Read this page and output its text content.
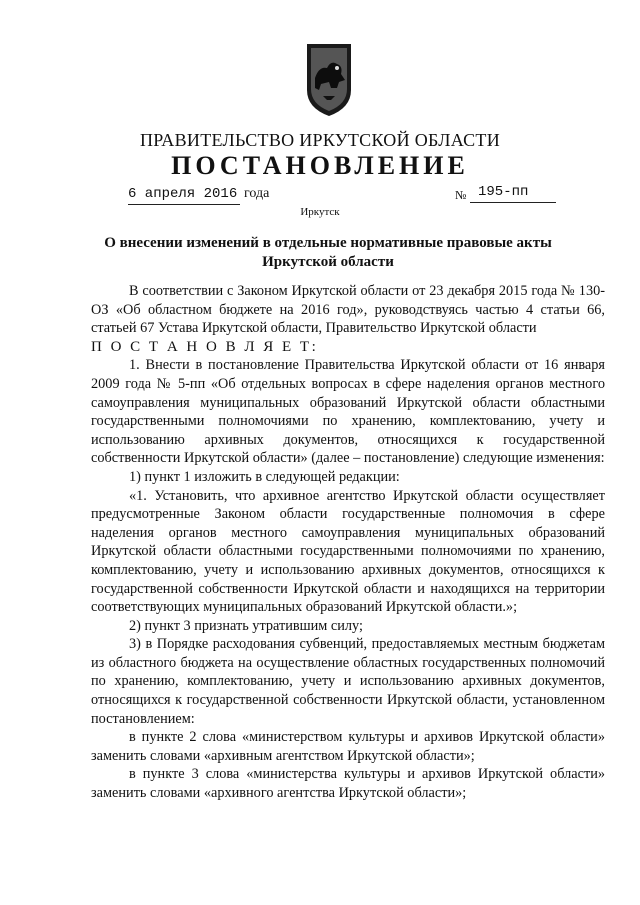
ПРАВИТЕЛЬСТВО ИРКУТСКОЙ ОБЛАСТИ
ПОСТАНОВЛЕНИЕ
6 апреля 2016 года	№ 195-пп
Иркутск
О внесении изменений в отдельные нормативные правовые акты Иркутской области

В соответствии с Законом Иркутской области от 23 декабря 2015 года № 130-ОЗ «Об областном бюджете на 2016 год», руководствуясь частью 4 статьи 66, статьей 67 Устава Иркутской области, Правительство Иркутской области

П О С Т А Н О В Л Я Е Т:

1. Внести в постановление Правительства Иркутской области от 16 января 2009 года № 5-пп «Об отдельных вопросах в сфере наделения органов местного самоуправления муниципальных образований Иркутской области областными государственными полномочиями по хранению, комплектованию, учету и использованию архивных документов, относящихся к государственной собственности Иркутской области» (далее – постановление) следующие изменения:

1) пункт 1 изложить в следующей редакции:

«1. Установить, что архивное агентство Иркутской области осуществляет предусмотренные Законом области государственные полномочия в сфере наделения органов местного самоуправления муниципальных образований Иркутской области областными государственными полномочиями по хранению, комплектованию, учету и использованию архивных документов, относящихся к государственной собственности Иркутской области и находящихся на территории соответствующих муниципальных образований Иркутской области.»;

2) пункт 3 признать утратившим силу;

3) в Порядке расходования субвенций, предоставляемых местным бюджетам из областного бюджета на осуществление областных государственных полномочий по хранению, комплектованию, учету и использованию архивных документов, относящихся к государственной собственности Иркутской области, установленном постановлением:

в пункте 2 слова «министерством культуры и архивов Иркутской области» заменить словами «архивным агентством Иркутской области»;

в пункте 3 слова «министерства культуры и архивов Иркутской области» заменить словами «архивного агентства Иркутской области»;
